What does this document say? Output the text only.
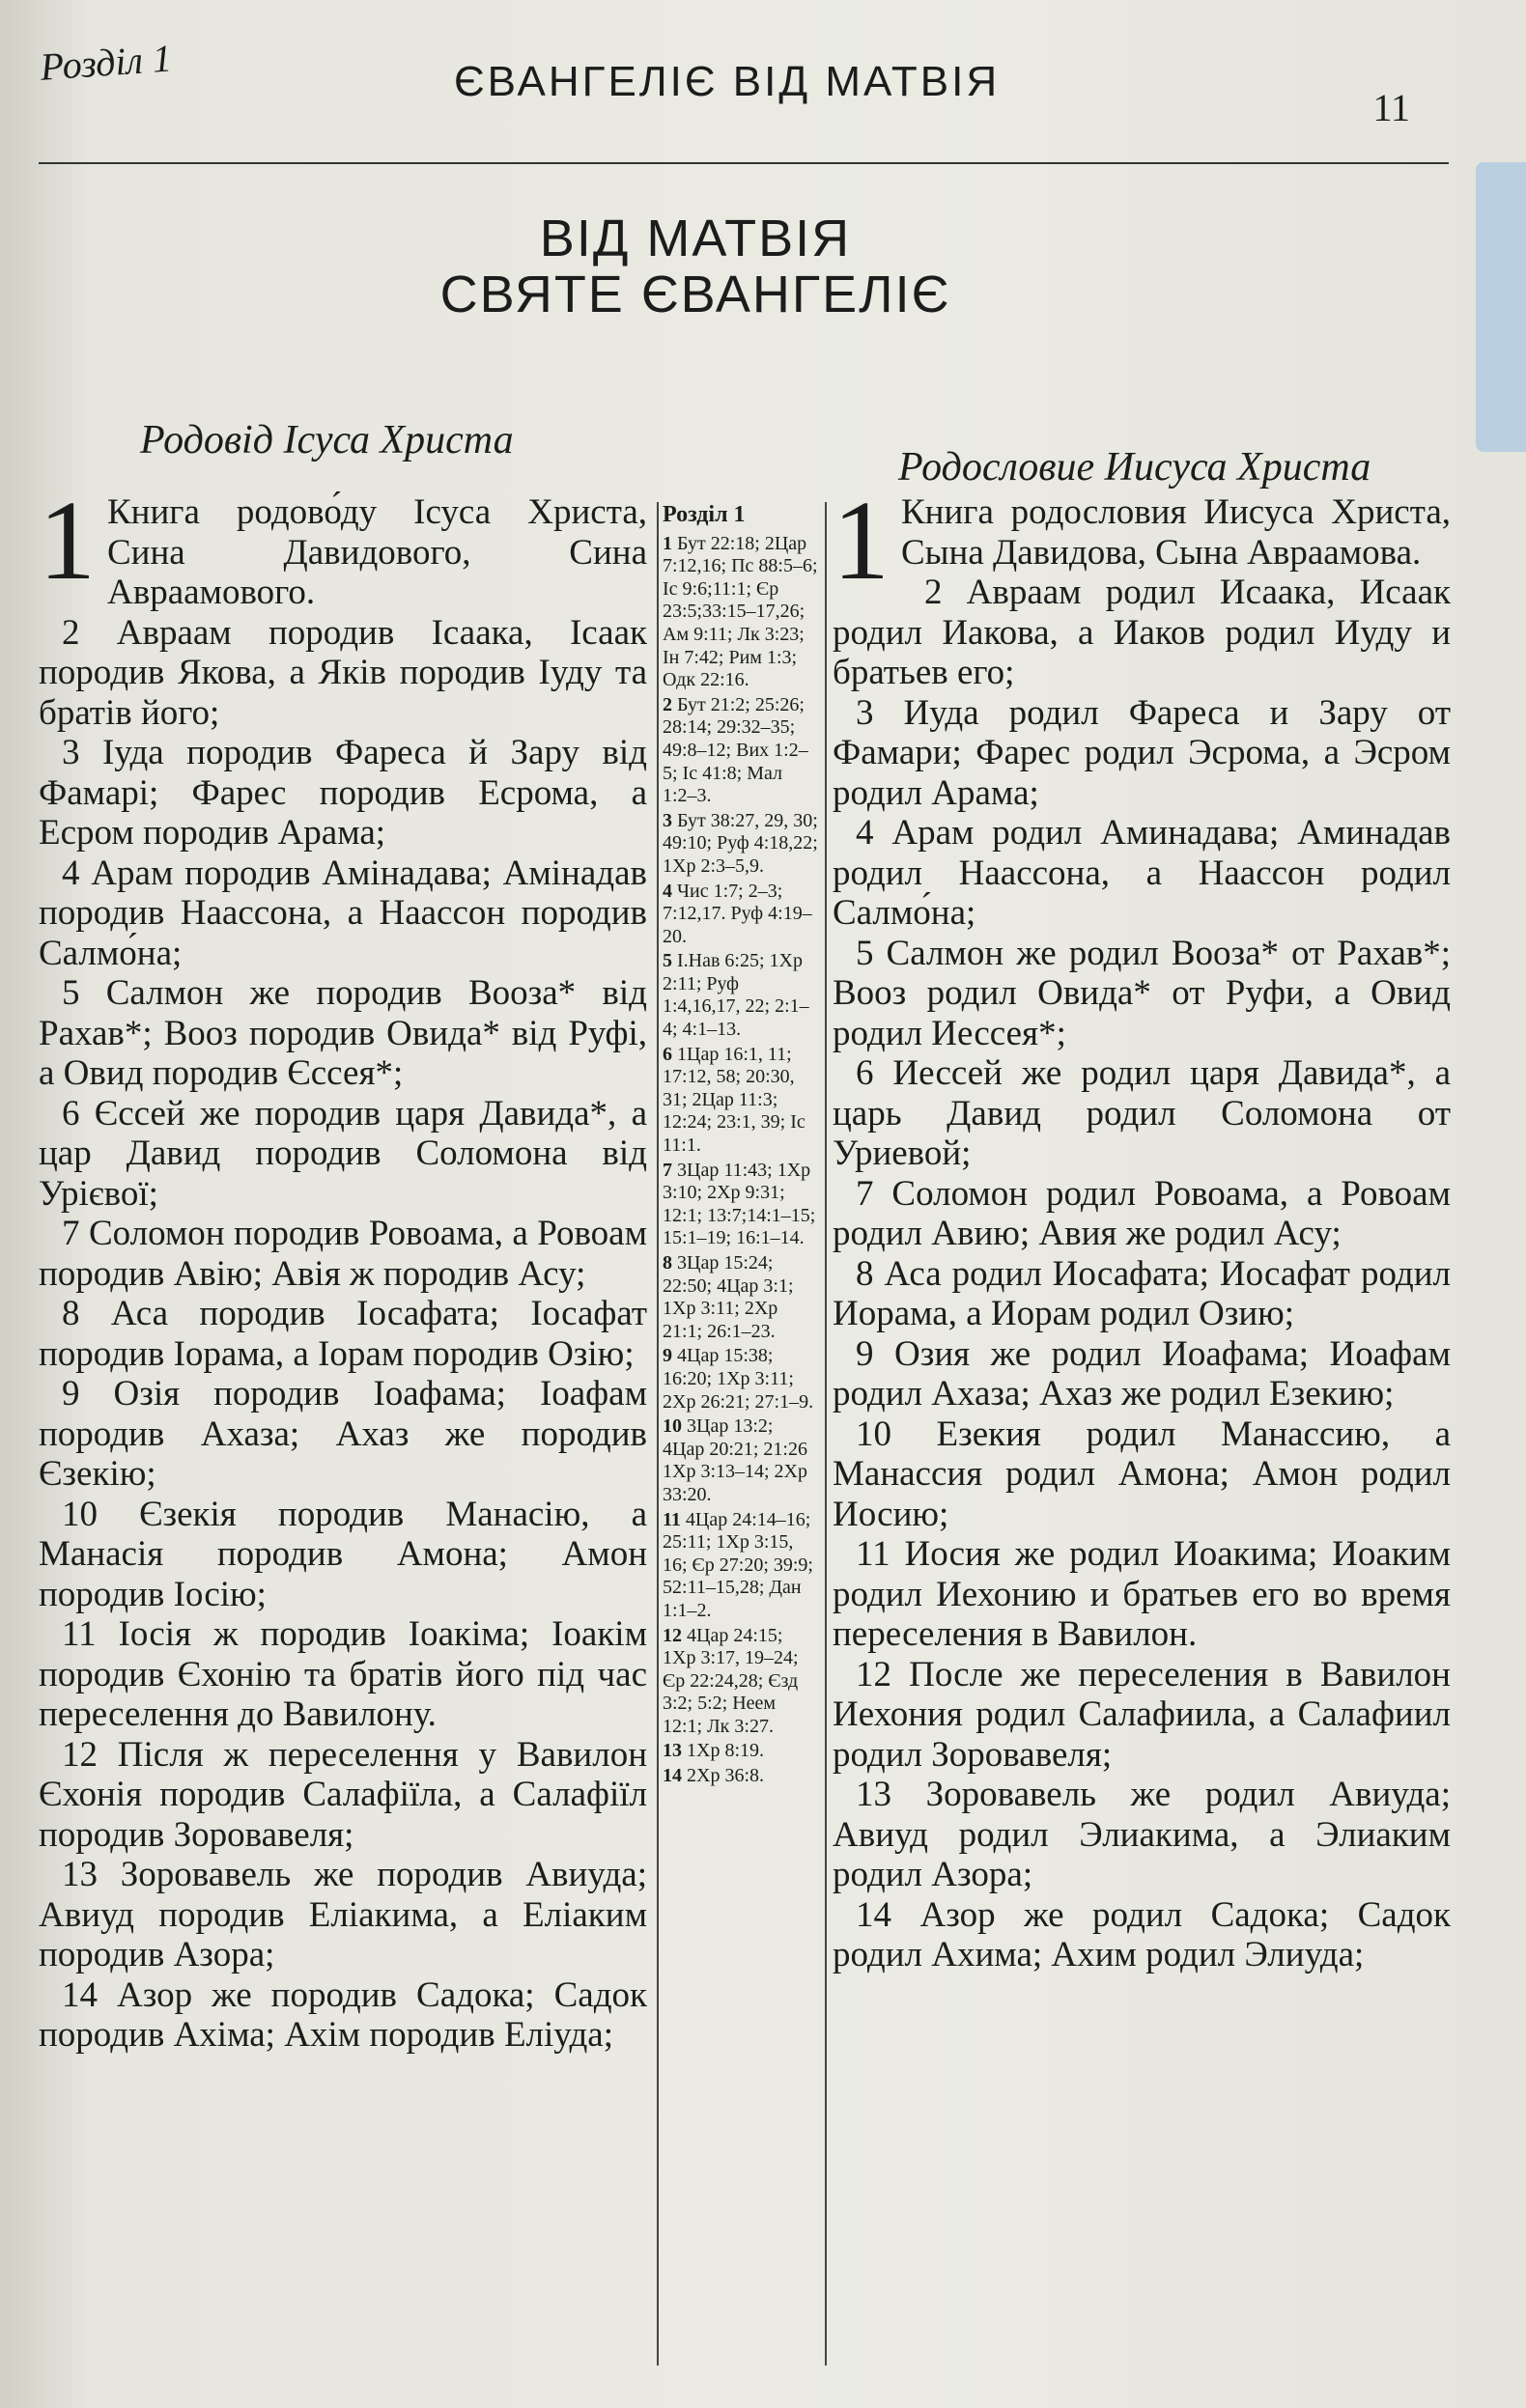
Розділ 1	ЄВАНГЕЛІЄ ВІД МАТВІЯ
11
ВІД МАТВІЯ
СВЯТЕ ЄВАНГЕЛІЄ
Родовід Ісуса Христа
Родословие Иисуса Христа
1 Книга родово́ду Ісуса Христа, Сина Давидового, Сина Авраамового.

2 Авраам породив Ісаака, Ісаак породив Якова, а Яків породив Іуду та братів його;

3 Іуда породив Фареса й Зару від Фамарі; Фарес породив Есрома, а Есром породив Арама;

4 Арам породив Амінадава; Амінадав породив Наассона, а Наассон породив Салмо́на;

5 Салмон же породив Вооза* від Рахав*; Вооз породив Овида* від Руфі, а Овид породив Єссея*;

6 Єссей же породив царя Давида*, а цар Давид породив Соломона від Урієвої;

7 Соломон породив Ровоама, а Ровоам породив Авію; Авія ж породив Асу;

8 Аса породив Іосафата; Іосафат породив Іорама, а Іорам породив Озію;

9 Озія породив Іоафама; Іоафам породив Ахаза; Ахаз же породив Єзекію;

10 Єзекія породив Манасію, а Манасія породив Амона; Амон породив Іосію;

11 Іосія ж породив Іоакіма; Іоакім породив Єхонію та братів його під час переселення до Вавилону.

12 Після ж переселення у Вавилон Єхонія породив Салафіїла, а Салафіїл породив Зоровавеля;

13 Зоровавель же породив Авиуда; Авиуд породив Еліакима, а Еліаким породив Азора;

14 Азор же породив Садока; Садок породив Ахіма; Ахім породив Еліуда;

Розділ 1
1 Бут 22:18; 2Цар 7:12,16; Пс 88:5–6; Іс 9:6;11:1; Єр 23:5;33:15–17,26; Ам 9:11; Лк 3:23; Ін 7:42; Рим 1:3; Одк 22:16.
2 Бут 21:2; 25:26; 28:14; 29:32–35; 49:8–12; Вих 1:2–5; Іс 41:8; Мал 1:2–3.
3 Бут 38:27, 29, 30; 49:10; Руф 4:18,22; 1Хр 2:3–5,9.
4 Чис 1:7; 2–3; 7:12,17. Руф 4:19–20.
5 І.Нав 6:25; 1Хр 2:11; Руф 1:4,16,17, 22; 2:1–4; 4:1–13.
6 1Цар 16:1, 11; 17:12, 58; 20:30, 31; 2Цар 11:3; 12:24; 23:1, 39; Іс 11:1.
7 3Цар 11:43; 1Хр 3:10; 2Хр 9:31; 12:1; 13:7;14:1–15; 15:1–19; 16:1–14.
8 3Цар 15:24; 22:50; 4Цар 3:1; 1Хр 3:11; 2Хр 21:1; 26:1–23.
9 4Цар 15:38; 16:20; 1Хр 3:11; 2Хр 26:21; 27:1–9.
10 3Цар 13:2; 4Цар 20:21; 21:26 1Хр 3:13–14; 2Хр 33:20.
11 4Цар 24:14–16; 25:11; 1Хр 3:15, 16; Єр 27:20; 39:9; 52:11–15,28; Дан 1:1–2.
12 4Цар 24:15; 1Хр 3:17, 19–24; Єр 22:24,28; Єзд 3:2; 5:2; Неем 12:1; Лк 3:27.
13 1Хр 8:19.
14 2Хр 36:8.
1 Книга родословия Иисуса Христа, Сына Давидова, Сына Авраамова.

2 Авраам родил Исаака, Исаак родил Иакова, а Иаков родил Иуду и братьев его;

3 Иуда родил Фареса и Зару от Фамари; Фарес родил Эсрома, а Эсром родил Арама;

4 Арам родил Аминадава; Аминадав родил Наассона, а Наассон родил Салмо́на;

5 Салмон же родил Вооза* от Рахав*; Вооз родил Овида* от Руфи, а Овид родил Иессея*;

6 Иессей же родил царя Давида*, а царь Давид родил Соломона от Уриевой;

7 Соломон родил Ровоама, а Ровоам родил Авию; Авия же родил Асу;

8 Аса родил Иосафата; Иосафат родил Иорама, а Иорам родил Озию;

9 Озия же родил Иоафама; Иоафам родил Ахаза; Ахаз же родил Езекию;

10 Езекия родил Манассию, а Манассия родил Амона; Амон родил Иосию;

11 Иосия же родил Иоакима; Иоаким родил Иехонию и братьев его во время переселения в Вавилон.

12 После же переселения в Вавилон Иехония родил Салафиила, а Салафиил родил Зоровавеля;

13 Зоровавель же родил Авиуда; Авиуд родил Элиакима, а Элиаким родил Азора;

14 Азор же родил Садока; Садок родил Ахима; Ахим родил Элиуда;
